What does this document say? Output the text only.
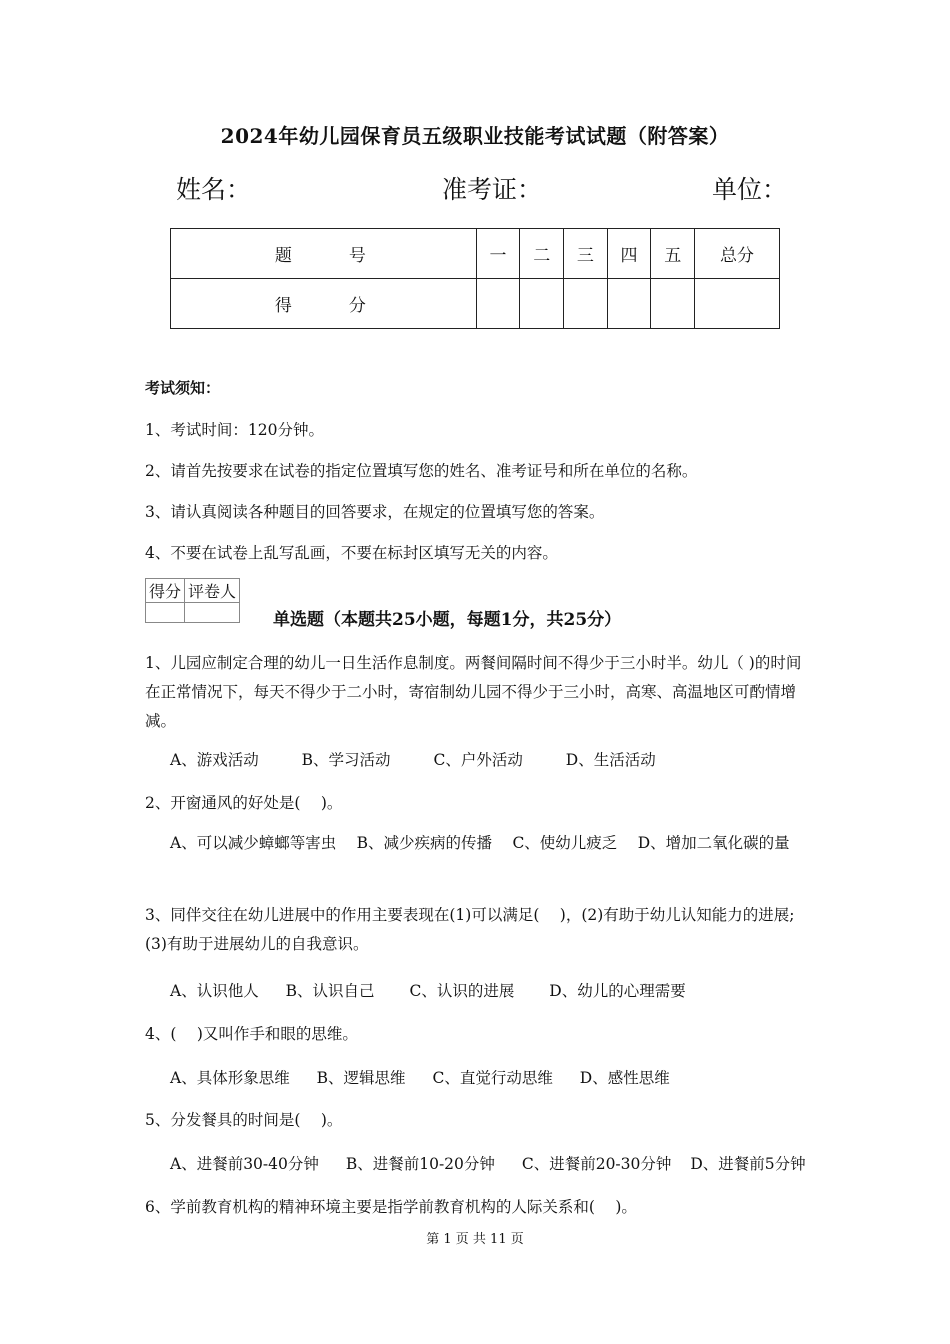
2024年幼儿园保育员五级职业技能考试试题（附答案）
姓名：	准考证：	单位：
题　号	一	二	三	四	五	总分
得　分						
考试须知：
1、考试时间：120分钟。
2、请首先按要求在试卷的指定位置填写您的姓名、准考证号和所在单位的名称。
3、请认真阅读各种题目的回答要求，在规定的位置填写您的答案。
4、不要在试卷上乱写乱画，不要在标封区填写无关的内容。
得分	评卷人

单选题（本题共25小题，每题1分，共25分）
1、儿园应制定合理的幼儿一日生活作息制度。两餐间隔时间不得少于三小时半。幼儿（ )的时间在正常情况下，每天不得少于二小时，寄宿制幼儿园不得少于三小时，高寒、高温地区可酌情增减。
A、游戏活动	B、学习活动	C、户外活动	D、生活活动
2、开窗通风的好处是(　 )。
A、可以减少蟑螂等害虫　 B、减少疾病的传播　 C、使幼儿疲乏　 D、增加二氧化碳的量
3、同伴交往在幼儿进展中的作用主要表现在(1)可以满足(　 )，(2)有助于幼儿认知能力的进展;(3)有助于进展幼儿的自我意识。
A、认识他人 B、认识自己 C、认识的进展 D、幼儿的心理需要
4、(　 )又叫作手和眼的思维。
A、具体形象思维 B、逻辑思维 C、直觉行动思维 D、感性思维
5、分发餐具的时间是(　 )。
A、进餐前30-40分钟 B、进餐前10-20分钟 C、进餐前20-30分钟 D、进餐前5分钟
6、学前教育机构的精神环境主要是指学前教育机构的人际关系和(　 )。
第 1 页 共 11 页
